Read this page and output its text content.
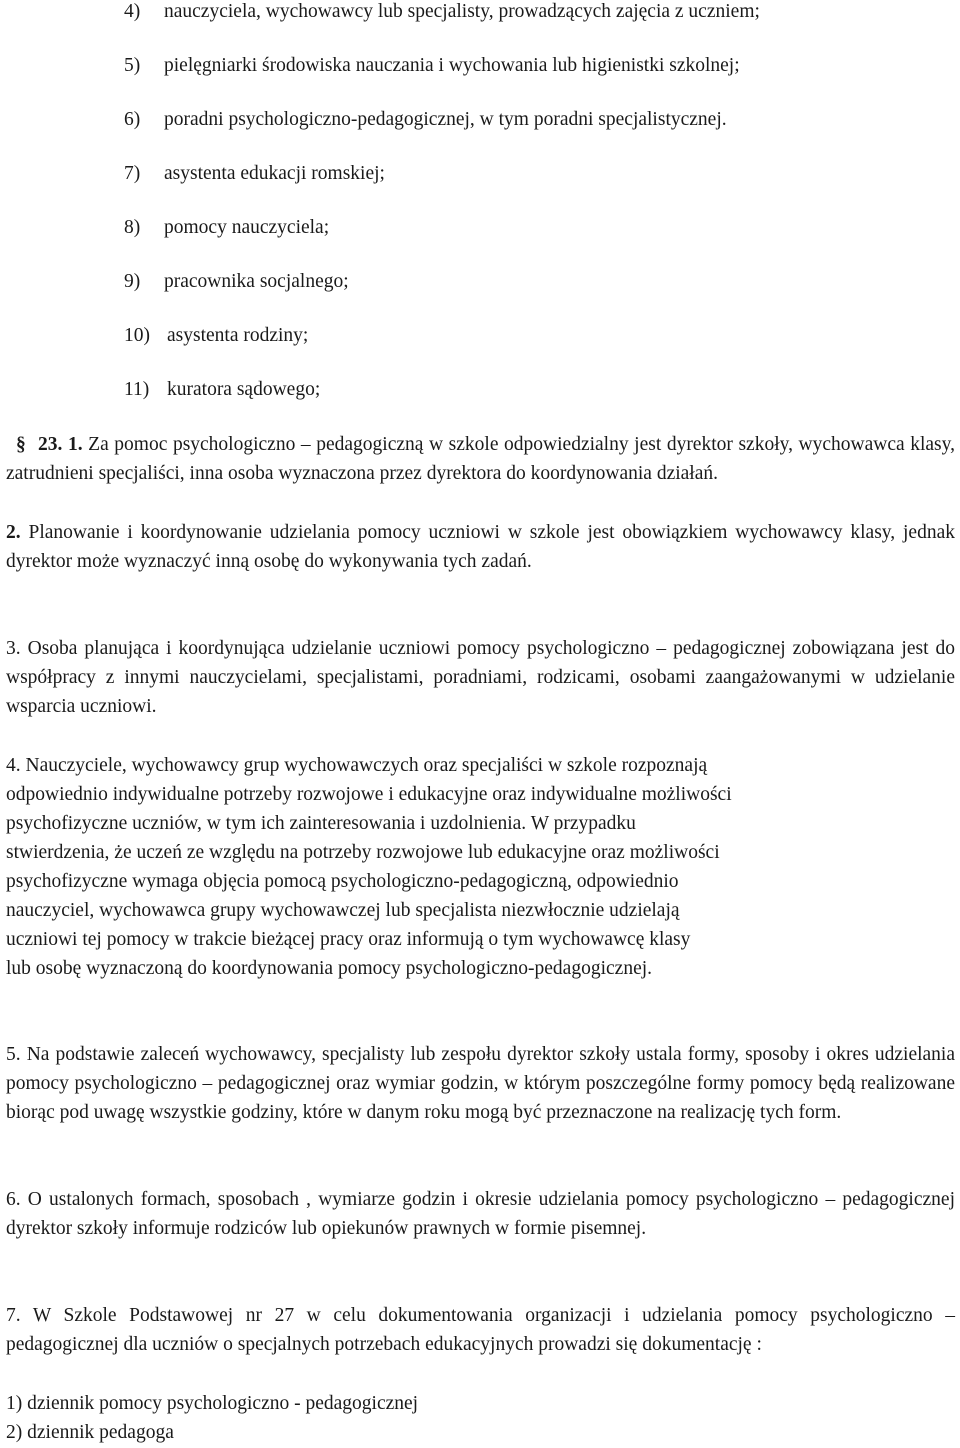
4) nauczyciela, wychowawcy lub specjalisty, prowadzących zajęcia z uczniem;
5) pielęgniarki środowiska nauczania i wychowania lub higienistki szkolnej;
6) poradni psychologiczno-pedagogicznej, w tym poradni specjalistycznej.
7) asystenta edukacji romskiej;
8) pomocy nauczyciela;
9) pracownika socjalnego;
10) asystenta rodziny;
11) kuratora sądowego;
§ 23. 1. Za pomoc psychologiczno – pedagogiczną w szkole odpowiedzialny jest dyrektor szkoły, wychowawca klasy, zatrudnieni specjaliści, inna osoba wyznaczona przez dyrektora do koordynowania działań.
2. Planowanie i koordynowanie udzielania pomocy uczniowi w szkole jest obowiązkiem wychowawcy klasy, jednak dyrektor może wyznaczyć inną osobę do wykonywania tych zadań.
3. Osoba planująca i koordynująca udzielanie uczniowi pomocy psychologiczno – pedagogicznej zobowiązana jest do współpracy z innymi nauczycielami, specjalistami, poradniami, rodzicami, osobami zaangażowanymi w udzielanie wsparcia uczniowi.
4. Nauczyciele, wychowawcy grup wychowawczych oraz specjaliści w szkole rozpoznają
odpowiednio indywidualne potrzeby rozwojowe i edukacyjne oraz indywidualne możliwości
psychofizyczne uczniów, w tym ich zainteresowania i uzdolnienia. W przypadku
stwierdzenia, że uczeń ze względu na potrzeby rozwojowe lub edukacyjne oraz możliwości
psychofizyczne wymaga objęcia pomocą psychologiczno-pedagogiczną, odpowiednio
nauczyciel, wychowawca grupy wychowawczej lub specjalista niezwłocznie udzielają
uczniowi tej pomocy w trakcie bieżącej pracy oraz informują o tym wychowawcę klasy
lub osobę wyznaczoną do koordynowania pomocy psychologiczno-pedagogicznej.
5. Na podstawie zaleceń wychowawcy, specjalisty lub zespołu dyrektor szkoły ustala formy, sposoby i okres udzielania pomocy psychologiczno – pedagogicznej oraz wymiar godzin, w którym poszczególne formy pomocy będą realizowane biorąc pod uwagę wszystkie godziny, które w danym roku mogą być przeznaczone na realizację tych form.
6. O ustalonych formach, sposobach , wymiarze godzin i okresie udzielania pomocy psychologiczno – pedagogicznej dyrektor szkoły informuje rodziców lub opiekunów prawnych w formie pisemnej.
7. W Szkole Podstawowej nr 27 w celu dokumentowania organizacji i udzielania pomocy psychologiczno – pedagogicznej dla uczniów o specjalnych potrzebach edukacyjnych prowadzi się dokumentację :
1) dziennik pomocy psychologiczno - pedagogicznej
2) dziennik pedagoga
